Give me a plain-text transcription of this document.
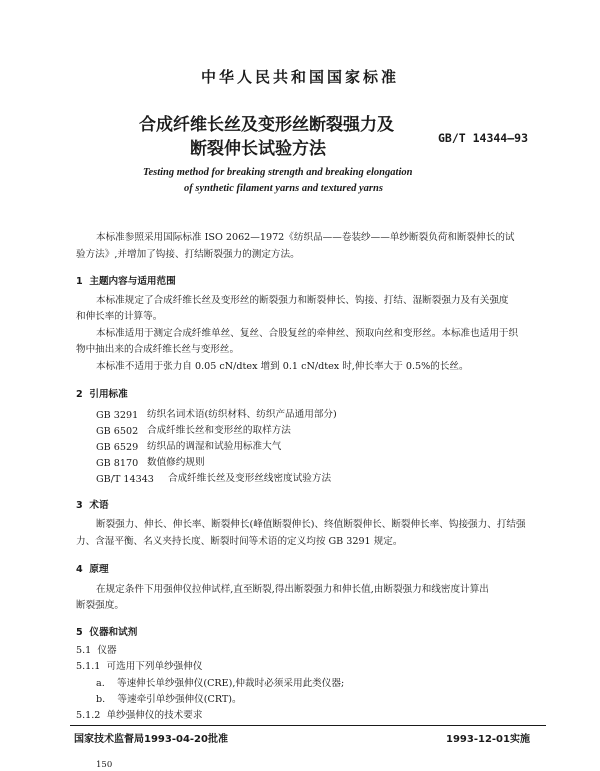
中华人民共和国国家标准
合成纤维长丝及变形丝断裂强力及
断裂伸长试验方法
GB/T 14344—93
Testing method for breaking strength and breaking elongation
of synthetic filament yarns and textured yarns
本标准参照采用国际标准 ISO 2062—1972《纺织品——卷装纱——单纱断裂负荷和断裂伸长的试
验方法》,并增加了钩接、打结断裂强力的测定方法。
1 主题内容与适用范围
本标准规定了合成纤维长丝及变形丝的断裂强力和断裂伸长、钩接、打结、湿断裂强力及有关强度
和伸长率的计算等。
本标准适用于测定合成纤维单丝、复丝、合股复丝的牵伸丝、预取向丝和变形丝。本标准也适用于织
物中抽出来的合成纤维长丝与变形丝。
本标准不适用于张力自 0.05 cN/dtex 增到 0.1 cN/dtex 时,伸长率大于 0.5%的长丝。
2 引用标准
GB 3291 纺织名词术语(纺织材料、纺织产品通用部分)
GB 6502 合成纤维长丝和变形丝的取样方法
GB 6529 纺织品的调湿和试验用标准大气
GB 8170 数值修约规则
GB/T 14343 合成纤维长丝及变形丝线密度试验方法
3 术语
断裂强力、伸长、伸长率、断裂伸长(峰值断裂伸长)、终值断裂伸长、断裂伸长率、钩接强力、打结强
力、含湿平衡、名义夹持长度、断裂时间等术语的定义均按 GB 3291 规定。
4 原理
在规定条件下用强伸仪拉伸试样,直至断裂,得出断裂强力和伸长值,由断裂强力和线密度计算出
断裂强度。
5 仪器和试剂
5.1 仪器
5.1.1 可选用下列单纱强伸仪
a. 等速伸长单纱强伸仪(CRE),仲裁时必须采用此类仪器;
b. 等速牵引单纱强伸仪(CRT)。
5.1.2 单纱强伸仪的技术要求
国家技术监督局1993-04-20批准	1993-12-01实施
150
